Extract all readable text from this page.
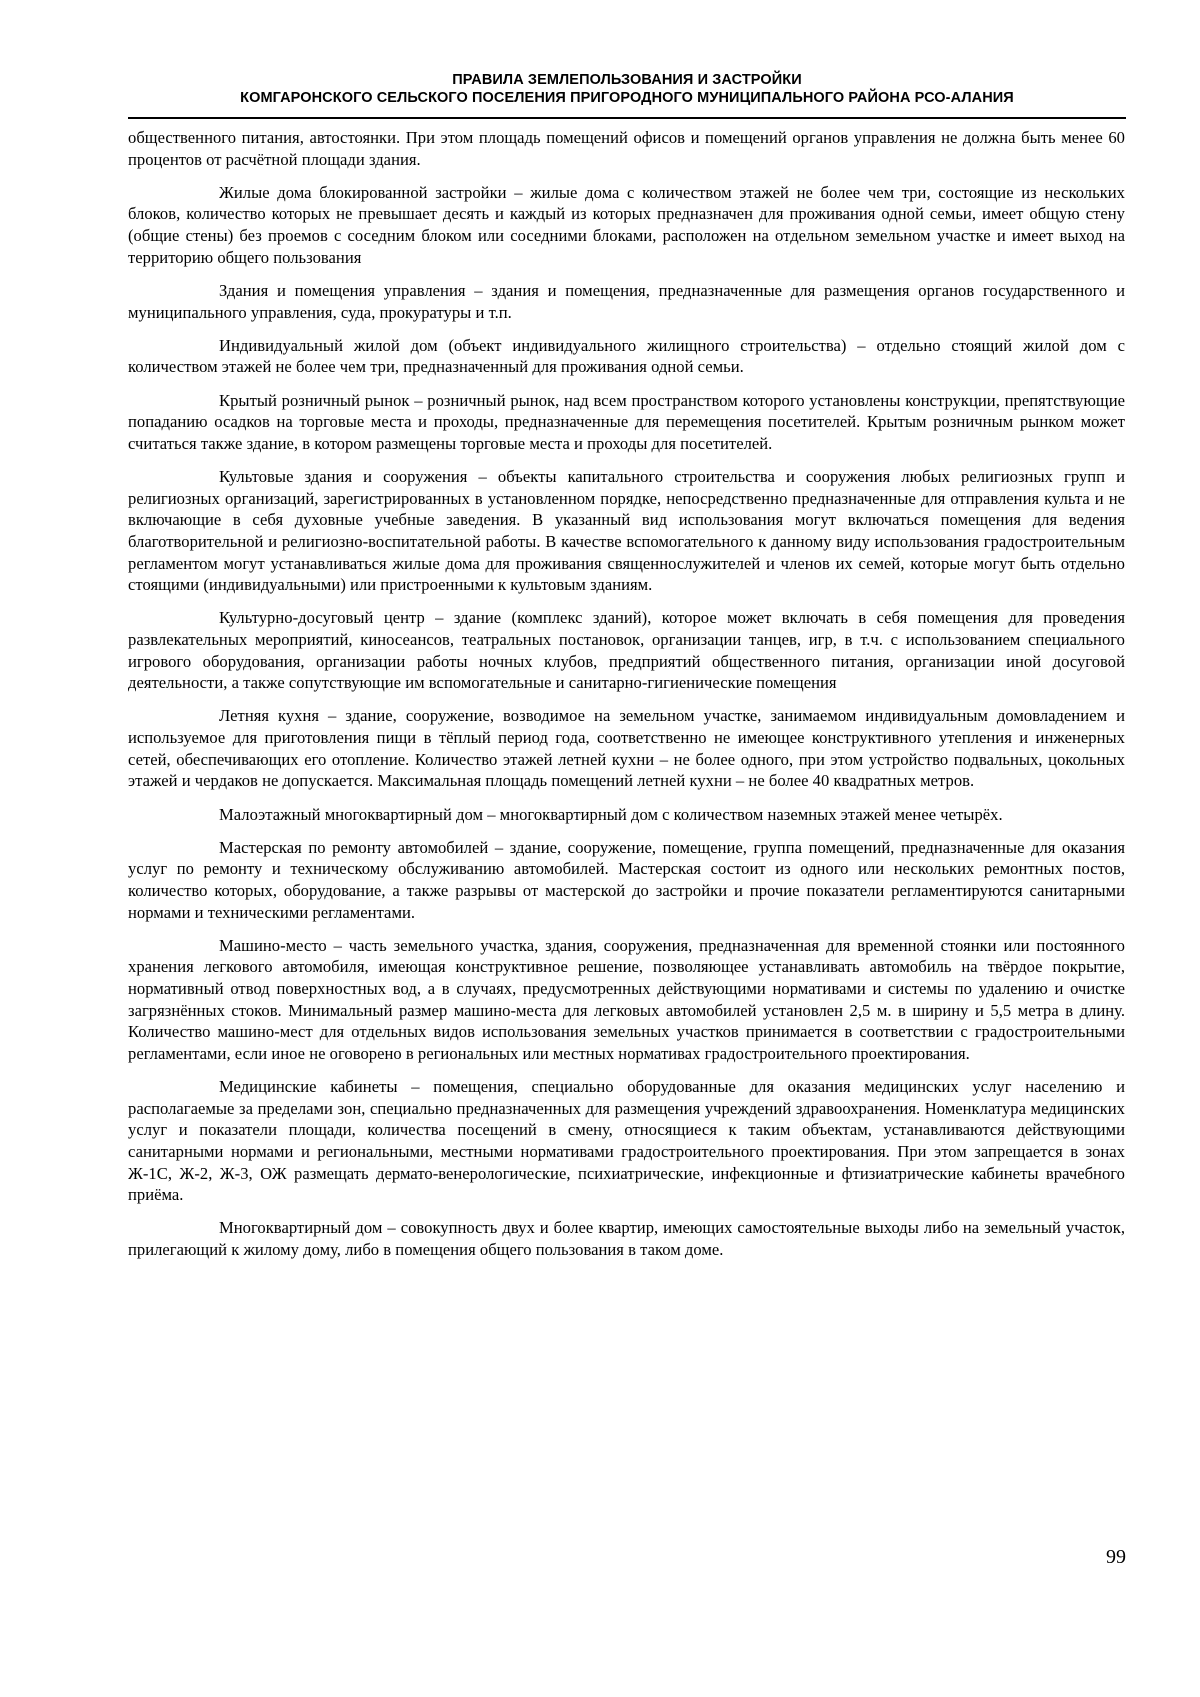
ПРАВИЛА ЗЕМЛЕПОЛЬЗОВАНИЯ И ЗАСТРОЙКИ
КОМГАРОНСКОГО СЕЛЬСКОГО ПОСЕЛЕНИЯ ПРИГОРОДНОГО МУНИЦИПАЛЬНОГО РАЙОНА РСО-АЛАНИЯ

общественного питания, автостоянки. При этом площадь помещений офисов и помещений органов управления не должна быть менее 60 процентов от расчётной площади здания.

Жилые дома блокированной застройки – жилые дома с количеством этажей не более чем три, состоящие из нескольких блоков, количество которых не превышает десять и каждый из которых предназначен для проживания одной семьи, имеет общую стену (общие стены) без проемов с соседним блоком или соседними блоками, расположен на отдельном земельном участке и имеет выход на территорию общего пользования

Здания и помещения управления – здания и помещения, предназначенные для размещения органов государственного и муниципального управления, суда, прокуратуры и т.п.

Индивидуальный жилой дом (объект индивидуального жилищного строительства) – отдельно стоящий жилой дом с количеством этажей не более чем три, предназначенный для проживания одной семьи.

Крытый розничный рынок – розничный рынок, над всем пространством которого установлены конструкции, препятствующие попаданию осадков на торговые места и проходы, предназначенные для перемещения посетителей. Крытым розничным рынком может считаться также здание, в котором размещены торговые места и проходы для посетителей.

Культовые здания и сооружения – объекты капитального строительства и сооружения любых религиозных групп и религиозных организаций, зарегистрированных в установленном порядке, непосредственно предназначенные для отправления культа и не включающие в себя духовные учебные заведения. В указанный вид использования могут включаться помещения для ведения благотворительной и религиозно-воспитательной работы. В качестве вспомогательного к данному виду использования градостроительным регламентом могут устанавливаться жилые дома для проживания священнослужителей и членов их семей, которые могут быть отдельно стоящими (индивидуальными) или пристроенными к культовым зданиям.

Культурно-досуговый центр – здание (комплекс зданий), которое может включать в себя помещения для проведения развлекательных мероприятий, киносеансов, театральных постановок, организации танцев, игр, в т.ч. с использованием специального игрового оборудования, организации работы ночных клубов, предприятий общественного питания, организации иной досуговой деятельности, а также сопутствующие им вспомогательные и санитарно-гигиенические помещения

Летняя кухня – здание, сооружение, возводимое на земельном участке, занимаемом индивидуальным домовладением и используемое для приготовления пищи в тёплый период года, соответственно не имеющее конструктивного утепления и инженерных сетей, обеспечивающих его отопление. Количество этажей летней кухни – не более одного, при этом устройство подвальных, цокольных этажей и чердаков не допускается. Максимальная площадь помещений летней кухни – не более 40 квадратных метров.

Малоэтажный многоквартирный дом – многоквартирный дом с количеством наземных этажей менее четырёх.

Мастерская по ремонту автомобилей – здание, сооружение, помещение, группа помещений, предназначенные для оказания услуг по ремонту и техническому обслуживанию автомобилей. Мастерская состоит из одного или нескольких ремонтных постов, количество которых, оборудование, а также разрывы от мастерской до застройки и прочие показатели регламентируются санитарными нормами и техническими регламентами.

Машино-место – часть земельного участка, здания, сооружения, предназначенная для временной стоянки или постоянного хранения легкового автомобиля, имеющая конструктивное решение, позволяющее устанавливать автомобиль на твёрдое покрытие, нормативный отвод поверхностных вод, а в случаях, предусмотренных действующими нормативами и системы по удалению и очистке загрязнённых стоков. Минимальный размер машино-места для легковых автомобилей установлен 2,5 м. в ширину и 5,5 метра в длину. Количество машино-мест для отдельных видов использования земельных участков принимается в соответствии с градостроительными регламентами, если иное не оговорено в региональных или местных нормативах градостроительного проектирования.

Медицинские кабинеты – помещения, специально оборудованные для оказания медицинских услуг населению и располагаемые за пределами зон, специально предназначенных для размещения учреждений здравоохранения. Номенклатура медицинских услуг и показатели площади, количества посещений в смену, относящиеся к таким объектам, устанавливаются действующими санитарными нормами и региональными, местными нормативами градостроительного проектирования. При этом запрещается в зонах Ж-1С, Ж-2, Ж-3, ОЖ размещать дермато-венерологические, психиатрические, инфекционные и фтизиатрические кабинеты врачебного приёма.

Многоквартирный дом – совокупность двух и более квартир, имеющих самостоятельные выходы либо на земельный участок, прилегающий к жилому дому, либо в помещения общего пользования в таком доме.

99
